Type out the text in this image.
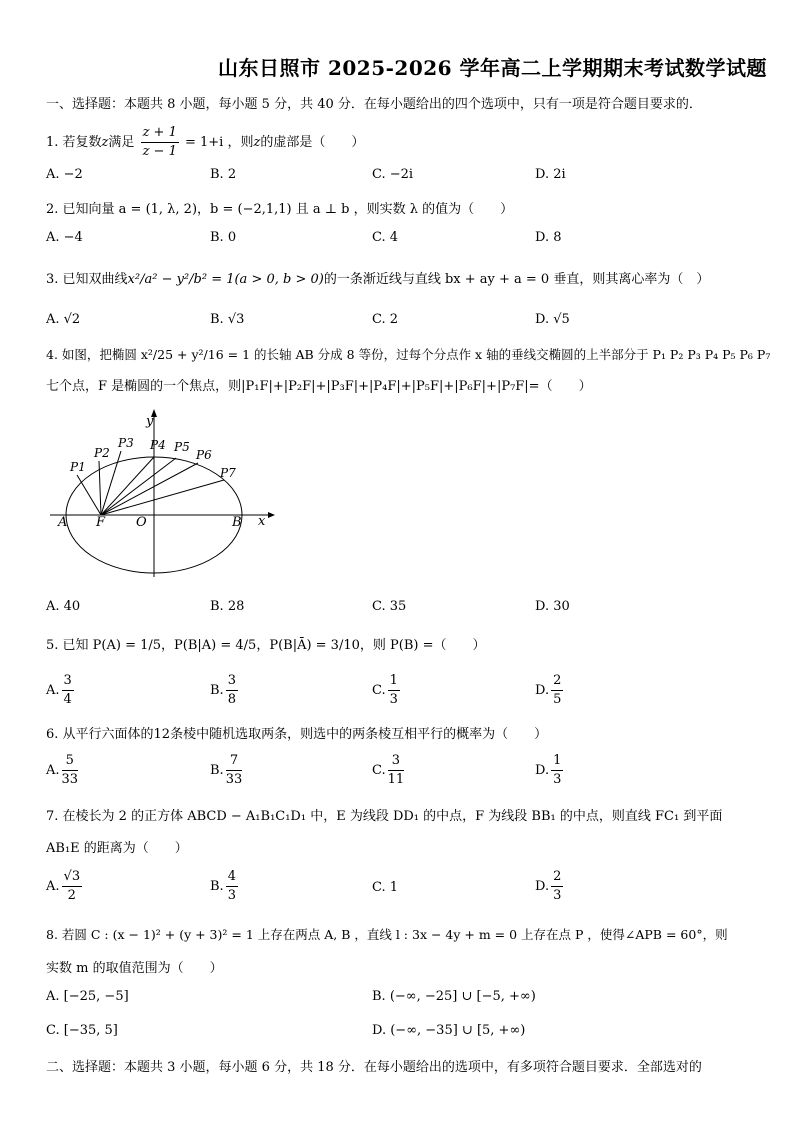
山东日照市 2025-2026 学年高二上学期期末考试数学试题
一、选择题：本题共 8 小题，每小题 5 分，共 40 分．在每小题给出的四个选项中，只有一项是符合题目要求的．
1. 若复数z满足 $\frac{z + 1}{z - 1} = 1+i$ ，则z的虚部是（　　）
A. −2	B. 2	C. −2i	D. 2i
2. 已知向量 a = (1, λ, 2)，b = (−2,1,1) 且 a ⊥ b ，则实数 λ 的值为（　　）
A. −4	B. 0	C. 4	D. 8
3. 已知双曲线x²/a² − y²/b² = 1(a > 0, b > 0)的一条渐近线与直线 bx + ay + a = 0 垂直，则其离心率为（　）
A. √2	B. √3	C. 2	D. √5
4. 如图，把椭圆 x²/25 + y²/16 = 1 的长轴 AB 分成 8 等份，过每个分点作 x 轴的垂线交椭圆的上半部分于 P₁ P₂ P₃ P₄ P₅ P₆ P₇
七个点，F 是椭圆的一个焦点，则|P₁F|+|P₂F|+|P₃F|+|P₄F|+|P₅F|+|P₆F|+|P₇F|=（　　）
y
x
A F O	B
P1
P2
P3 P4 P5
P6
P7
A. 40	B. 28	C. 35	D. 30
5. 已知 P(A) = 1/5，P(B|A) = 4/5，P(B|Ā) = 3/10，则 P(B) =（　　）
A. $\frac{3}{4}$	B. $\frac{3}{8}$	C. $\frac{1}{3}$	D. $\frac{2}{5}$
6. 从平行六面体的12条棱中随机选取两条，则选中的两条棱互相平行的概率为（　　）
A. $\frac{5}{33}$	B. $\frac{7}{33}$	C. $\frac{3}{11}$	D. $\frac{1}{3}$
7. 在棱长为 2 的正方体 ABCD − A₁B₁C₁D₁ 中，E 为线段 DD₁ 的中点，F 为线段 BB₁ 的中点，则直线 FC₁ 到平面
AB₁E 的距离为（　　）
A. $\frac{√3}{2}$	B. $\frac{4}{3}$	C. 1	D. $\frac{2}{3}$
8. 若圆 C : (x − 1)² + (y + 3)² = 1 上存在两点 A, B ，直线 l : 3x − 4y + m = 0 上存在点 P ，使得∠APB = 60°，则
实数 m 的取值范围为（　　）
A. [−25, −5]	B. (−∞, −25] ∪ [−5, +∞)
C. [−35, 5]	D. (−∞, −35] ∪ [5, +∞)
二、选择题：本题共 3 小题，每小题 6 分，共 18 分．在每小题给出的选项中，有多项符合题目要求．全部选对的
